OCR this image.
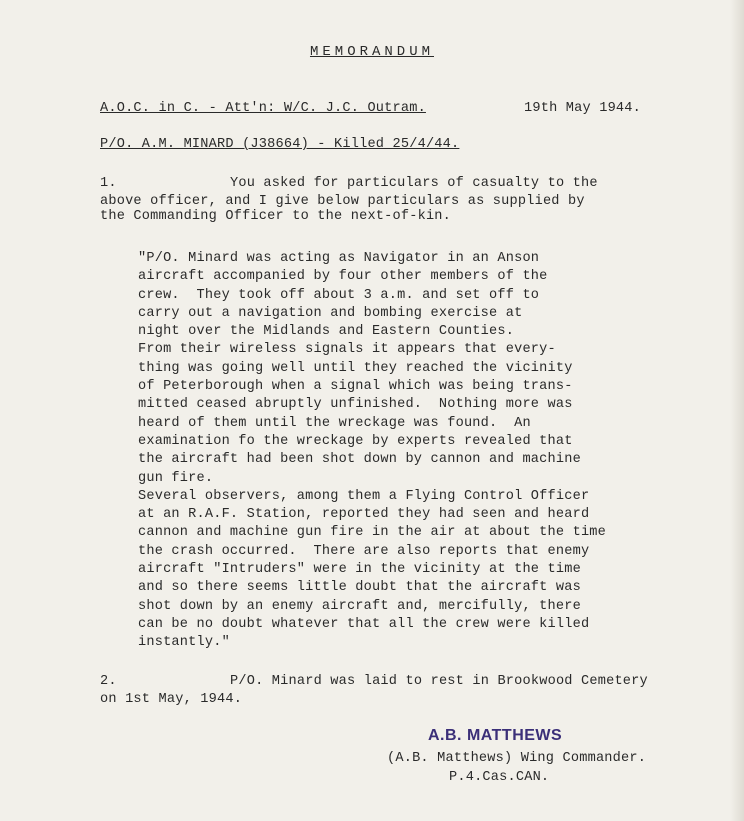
MEMORANDUM
A.O.C. in C. - Att'n: W/C. J.C. Outram.	19th May 1944.
P/O. A.M. MINARD (J38664) - Killed 25/4/44.
1.	You asked for particulars of casualty to the
above officer, and I give below particulars as supplied by
the Commanding Officer to the next-of-kin.
"P/O. Minard was acting as Navigator in an Anson
aircraft accompanied by four other members of the
crew.  They took off about 3 a.m. and set off to
carry out a navigation and bombing exercise at
night over the Midlands and Eastern Counties.
From their wireless signals it appears that every-
thing was going well until they reached the vicinity
of Peterborough when a signal which was being trans-
mitted ceased abruptly unfinished.  Nothing more was
heard of them until the wreckage was found.  An
examination fo the wreckage by experts revealed that
the aircraft had been shot down by cannon and machine
gun fire.
Several observers, among them a Flying Control Officer
at an R.A.F. Station, reported they had seen and heard
cannon and machine gun fire in the air at about the time
the crash occurred.  There are also reports that enemy
aircraft "Intruders" were in the vicinity at the time
and so there seems little doubt that the aircraft was
shot down by an enemy aircraft and, mercifully, there
can be no doubt whatever that all the crew were killed
instantly."
2.	P/O. Minard was laid to rest in Brookwood Cemetery
on 1st May, 1944.
A.B. MATTHEWS
(A.B. Matthews) Wing Commander.
P.4.Cas.CAN.
